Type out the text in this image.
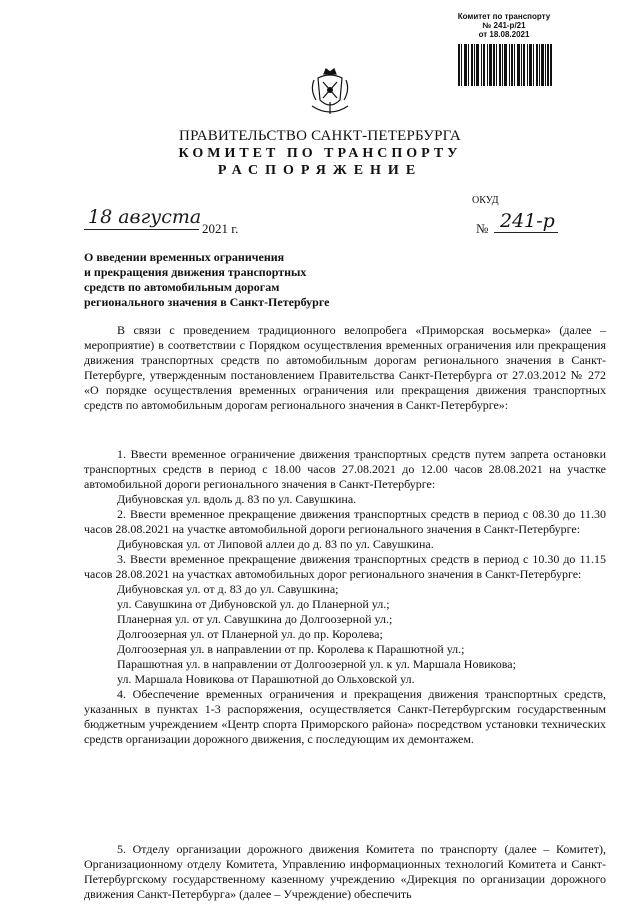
Комитет по транспорту
№ 241-р/21
от 18.08.2021
ПРАВИТЕЛЬСТВО САНКТ-ПЕТЕРБУРГА
КОМИТЕТ ПО ТРАНСПОРТУ
РАСПОРЯЖЕНИЕ
ОКУД
18 августа
2021 г.	№ 241-р
О введении временных ограничения
и прекращения движения транспортных
средств по автомобильным дорогам
регионального значения в Санкт-Петербурге

В связи с проведением традиционного велопробега «Приморская восьмерка» (далее – мероприятие) в соответствии с Порядком осуществления временных ограничения или прекращения движения транспортных средств по автомобильным дорогам регионального значения в Санкт-Петербурге, утвержденным постановлением Правительства Санкт-Петербурга от 27.03.2012 № 272 «О порядке осуществления временных ограничения или прекращения движения транспортных средств по автомобильным дорогам регионального значения в Санкт-Петербурге»:

1. Ввести временное ограничение движения транспортных средств путем запрета остановки транспортных средств в период с 18.00 часов 27.08.2021 до 12.00 часов 28.08.2021 на участке автомобильной дороги регионального значения в Санкт-Петербурге:

Дибуновская ул. вдоль д. 83 по ул. Савушкина.

2. Ввести временное прекращение движения транспортных средств в период с 08.30 до 11.30 часов 28.08.2021 на участке автомобильной дороги регионального значения в Санкт-Петербурге:

Дибуновская ул. от Липовой аллеи до д. 83 по ул. Савушкина.

3. Ввести временное прекращение движения транспортных средств в период с 10.30 до 11.15 часов 28.08.2021 на участках автомобильных дорог регионального значения в Санкт-Петербурге:

Дибуновская ул. от д. 83 до ул. Савушкина;

ул. Савушкина от Дибуновской ул. до Планерной ул.;

Планерная ул. от ул. Савушкина до Долгоозерной ул.;

Долгоозерная ул. от Планерной ул. до пр. Королева;

Долгоозерная ул. в направлении от пр. Королева к Парашютной ул.;

Парашютная ул. в направлении от Долгоозерной ул. к ул. Маршала Новикова;

ул. Маршала Новикова от Парашютной до Ольховской ул.

4. Обеспечение временных ограничения и прекращения движения транспортных средств, указанных в пунктах 1-3 распоряжения, осуществляется Санкт-Петербургским государственным бюджетным учреждением «Центр спорта Приморского района» посредством установки технических средств организации дорожного движения, с последующим их демонтажем.

5. Отделу организации дорожного движения Комитета по транспорту (далее – Комитет), Организационному отделу Комитета, Управлению информационных технологий Комитета и Санкт-Петербургскому государственному казенному учреждению «Дирекция по организации дорожного движения Санкт-Петербурга» (далее – Учреждение) обеспечить
